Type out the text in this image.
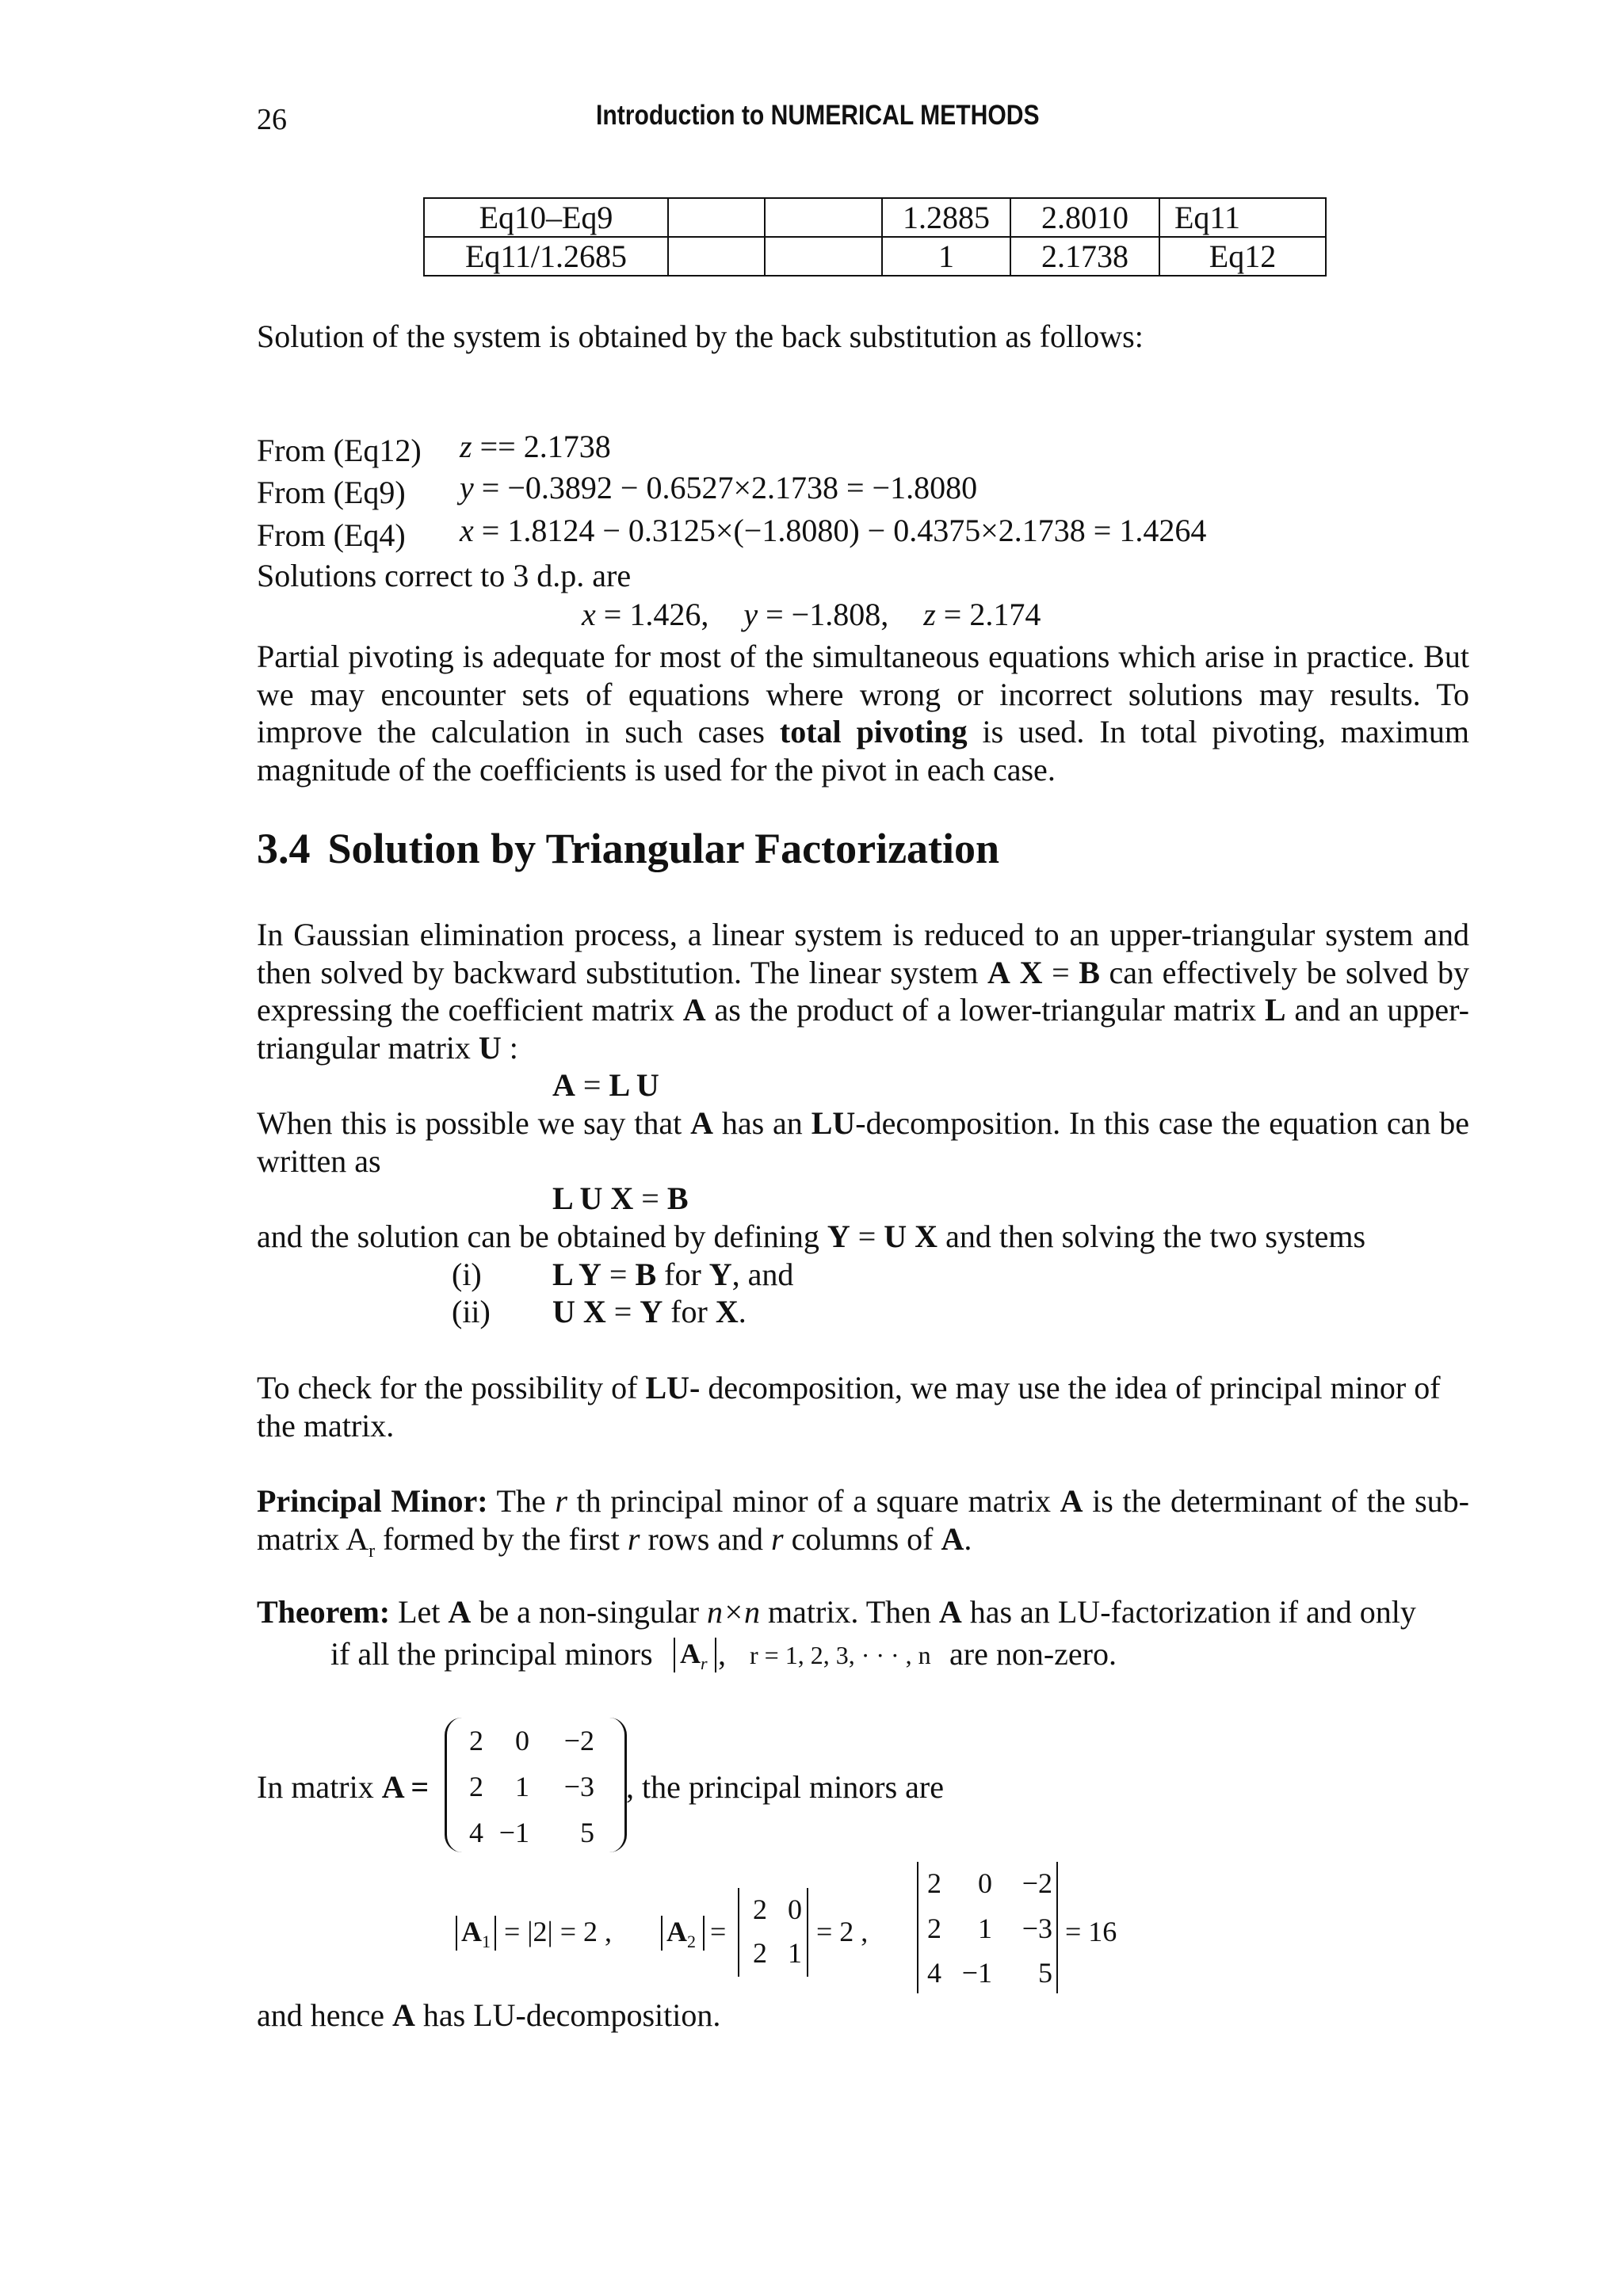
26	Introduction to NUMERICAL METHODS
Eq10–Eq9			1.2885	2.8010	Eq11
Eq11/1.2685			1	2.1738	Eq12
Solution of the system is obtained by the back substitution as follows:
From (Eq12) z == 2.1738
From (Eq9) y = −0.3892 − 0.6527×2.1738 = −1.8080
From (Eq4) x = 1.8124 − 0.3125×(−1.8080) − 0.4375×2.1738 = 1.4264
Solutions correct to 3 d.p. are
x = 1.426, y = −1.808, z = 2.174
Partial pivoting is adequate for most of the simultaneous equations which arise in practice. But we may encounter sets of equations where wrong or incorrect solutions may results. To improve the calculation in such cases total pivoting is used. In total pivoting, maximum magnitude of the coefficients is used for the pivot in each case.
3.4 Solution by Triangular Factorization
In Gaussian elimination process, a linear system is reduced to an upper-triangular system and then solved by backward substitution. The linear system A X = B can effectively be solved by expressing the coefficient matrix A as the product of a lower-triangular matrix L and an upper-triangular matrix U :
A = L U
When this is possible we say that A has an LU-decomposition. In this case the equation can be written as
L U X = B
and the solution can be obtained by defining Y = U X and then solving the two systems
(i) L Y = B for Y, and
(ii) U X = Y for X.
To check for the possibility of LU- decomposition, we may use the idea of principal minor of the matrix.
Principal Minor: The r th principal minor of a square matrix A is the determinant of the sub-matrix $A_r$ formed by the first r rows and r columns of A.
Theorem: Let A be a non-singular n×n matrix. Then A has an LU-factorization if and only
if all the principal minors $A_r$ , r = 1, 2, 3, · · · , n are non-zero.
In matrix A =
2	0	−2
2	1	−3
4 −1	5
, the principal minors are
$A_1 = |2| = 2$ , $A_2$ =
2 0
2 1
= 2 ,
2	0	−2
2	1	−3
4 −1	5
= 16
and hence A has LU-decomposition.
